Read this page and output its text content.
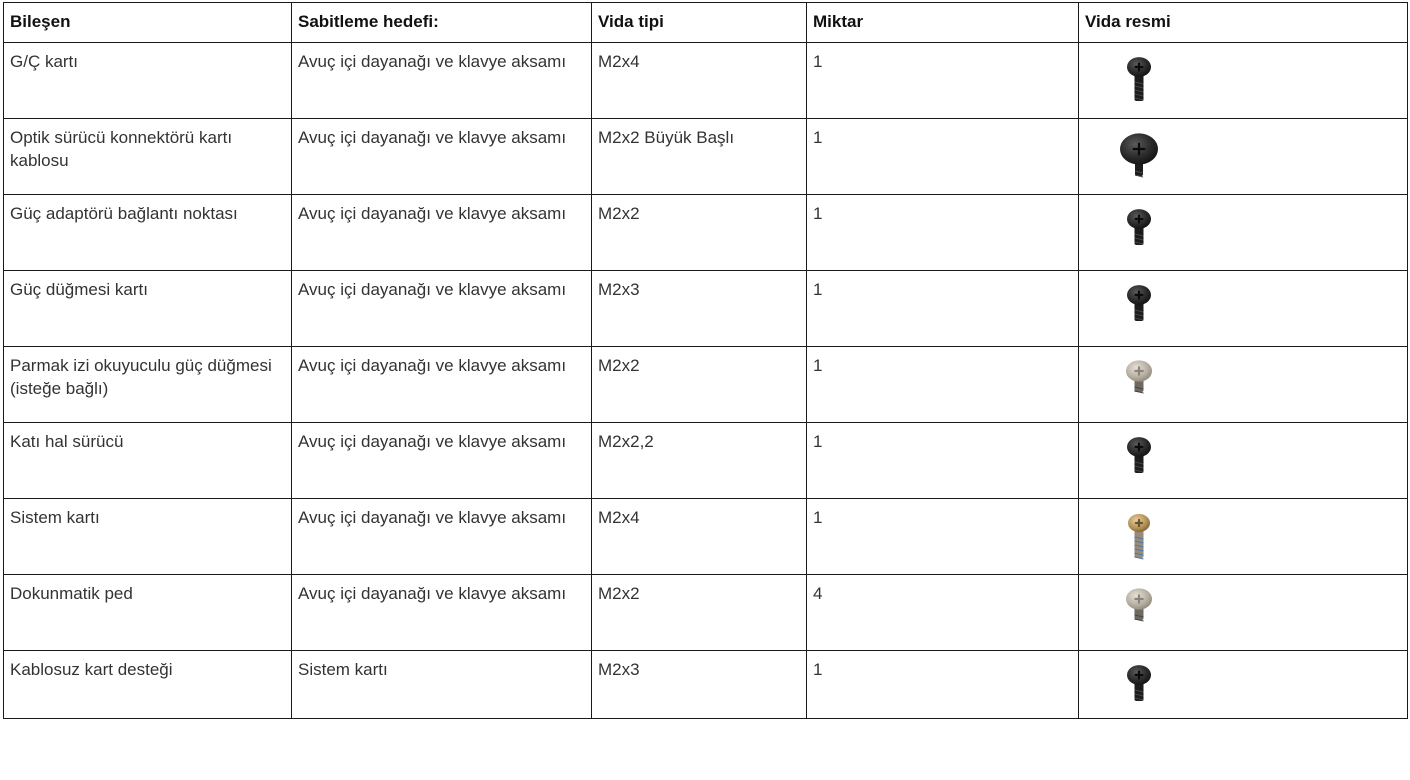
Bileşen	Sabitleme hedefi:	Vida tipi	Miktar	Vida resmi
G/Ç kartı	Avuç içi dayanağı ve klavye aksamı	M2x4	1	

Optik sürücü konnektörü kartı kablosu	Avuç içi dayanağı ve klavye aksamı	M2x2 Büyük Başlı	1	

Güç adaptörü bağlantı noktası	Avuç içi dayanağı ve klavye aksamı	M2x2	1	

Güç düğmesi kartı	Avuç içi dayanağı ve klavye aksamı	M2x3	1	

Parmak izi okuyuculu güç düğmesi (isteğe bağlı)	Avuç içi dayanağı ve klavye aksamı	M2x2	1	

Katı hal sürücü	Avuç içi dayanağı ve klavye aksamı	M2x2,2	1	

Sistem kartı	Avuç içi dayanağı ve klavye aksamı	M2x4	1	

Dokunmatik ped	Avuç içi dayanağı ve klavye aksamı	M2x2	4	

Kablosuz kart desteği	Sistem kartı	M2x3	1	
